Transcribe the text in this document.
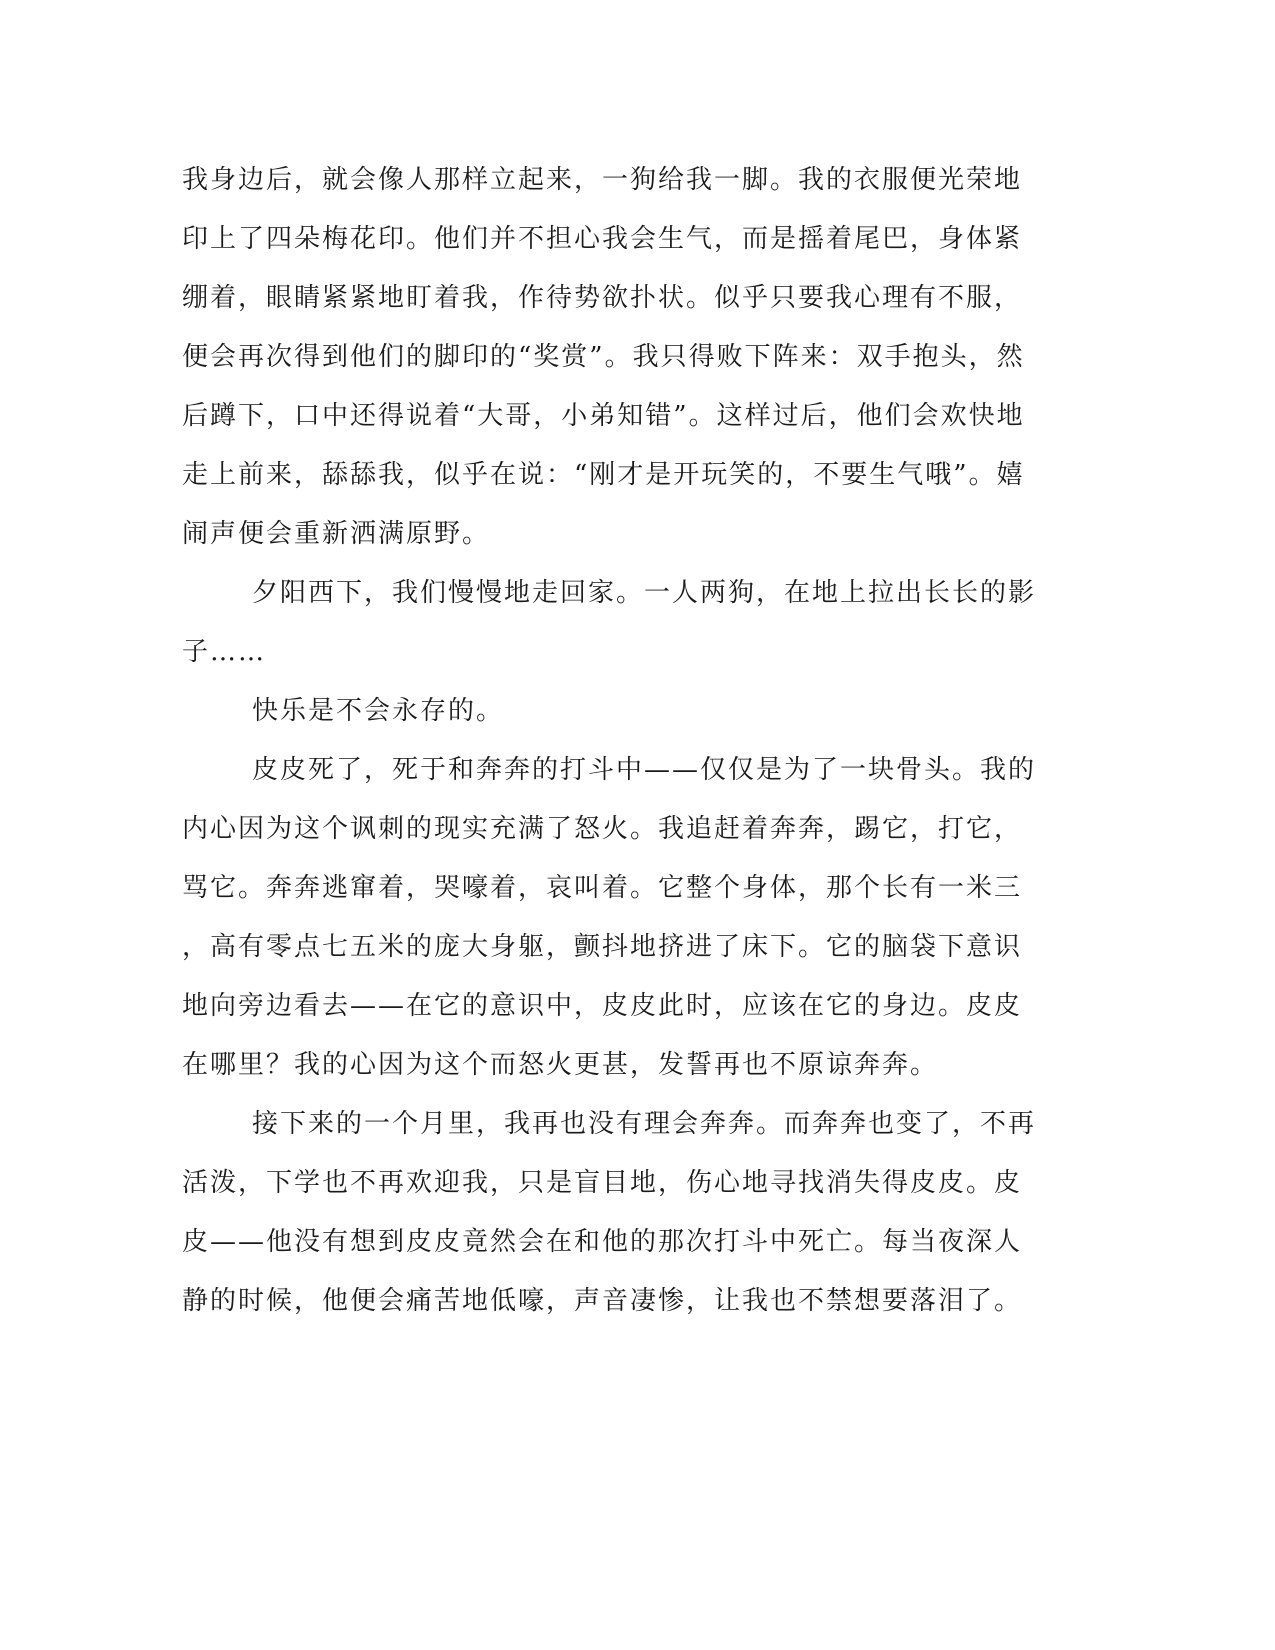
我身边后，就会像人那样立起来，一狗给我一脚。我的衣服便光荣地
印上了四朵梅花印。他们并不担心我会生气，而是摇着尾巴，身体紧
绷着，眼睛紧紧地盯着我，作待势欲扑状。似乎只要我心理有不服，
便会再次得到他们的脚印的“奖赏”。我只得败下阵来：双手抱头，然
后蹲下，口中还得说着“大哥，小弟知错”。这样过后，他们会欢快地
走上前来，舔舔我，似乎在说：“刚才是开玩笑的，不要生气哦”。嬉
闹声便会重新洒满原野。
夕阳西下，我们慢慢地走回家。一人两狗，在地上拉出长长的影
子……
快乐是不会永存的。
皮皮死了，死于和奔奔的打斗中——仅仅是为了一块骨头。我的
内心因为这个讽刺的现实充满了怒火。我追赶着奔奔，踢它，打它，
骂它。奔奔逃窜着，哭嚎着，哀叫着。它整个身体，那个长有一米三
，高有零点七五米的庞大身躯，颤抖地挤进了床下。它的脑袋下意识
地向旁边看去——在它的意识中，皮皮此时，应该在它的身边。皮皮
在哪里？我的心因为这个而怒火更甚，发誓再也不原谅奔奔。
接下来的一个月里，我再也没有理会奔奔。而奔奔也变了，不再
活泼，下学也不再欢迎我，只是盲目地，伤心地寻找消失得皮皮。皮
皮——他没有想到皮皮竟然会在和他的那次打斗中死亡。每当夜深人
静的时候，他便会痛苦地低嚎，声音凄惨，让我也不禁想要落泪了。
